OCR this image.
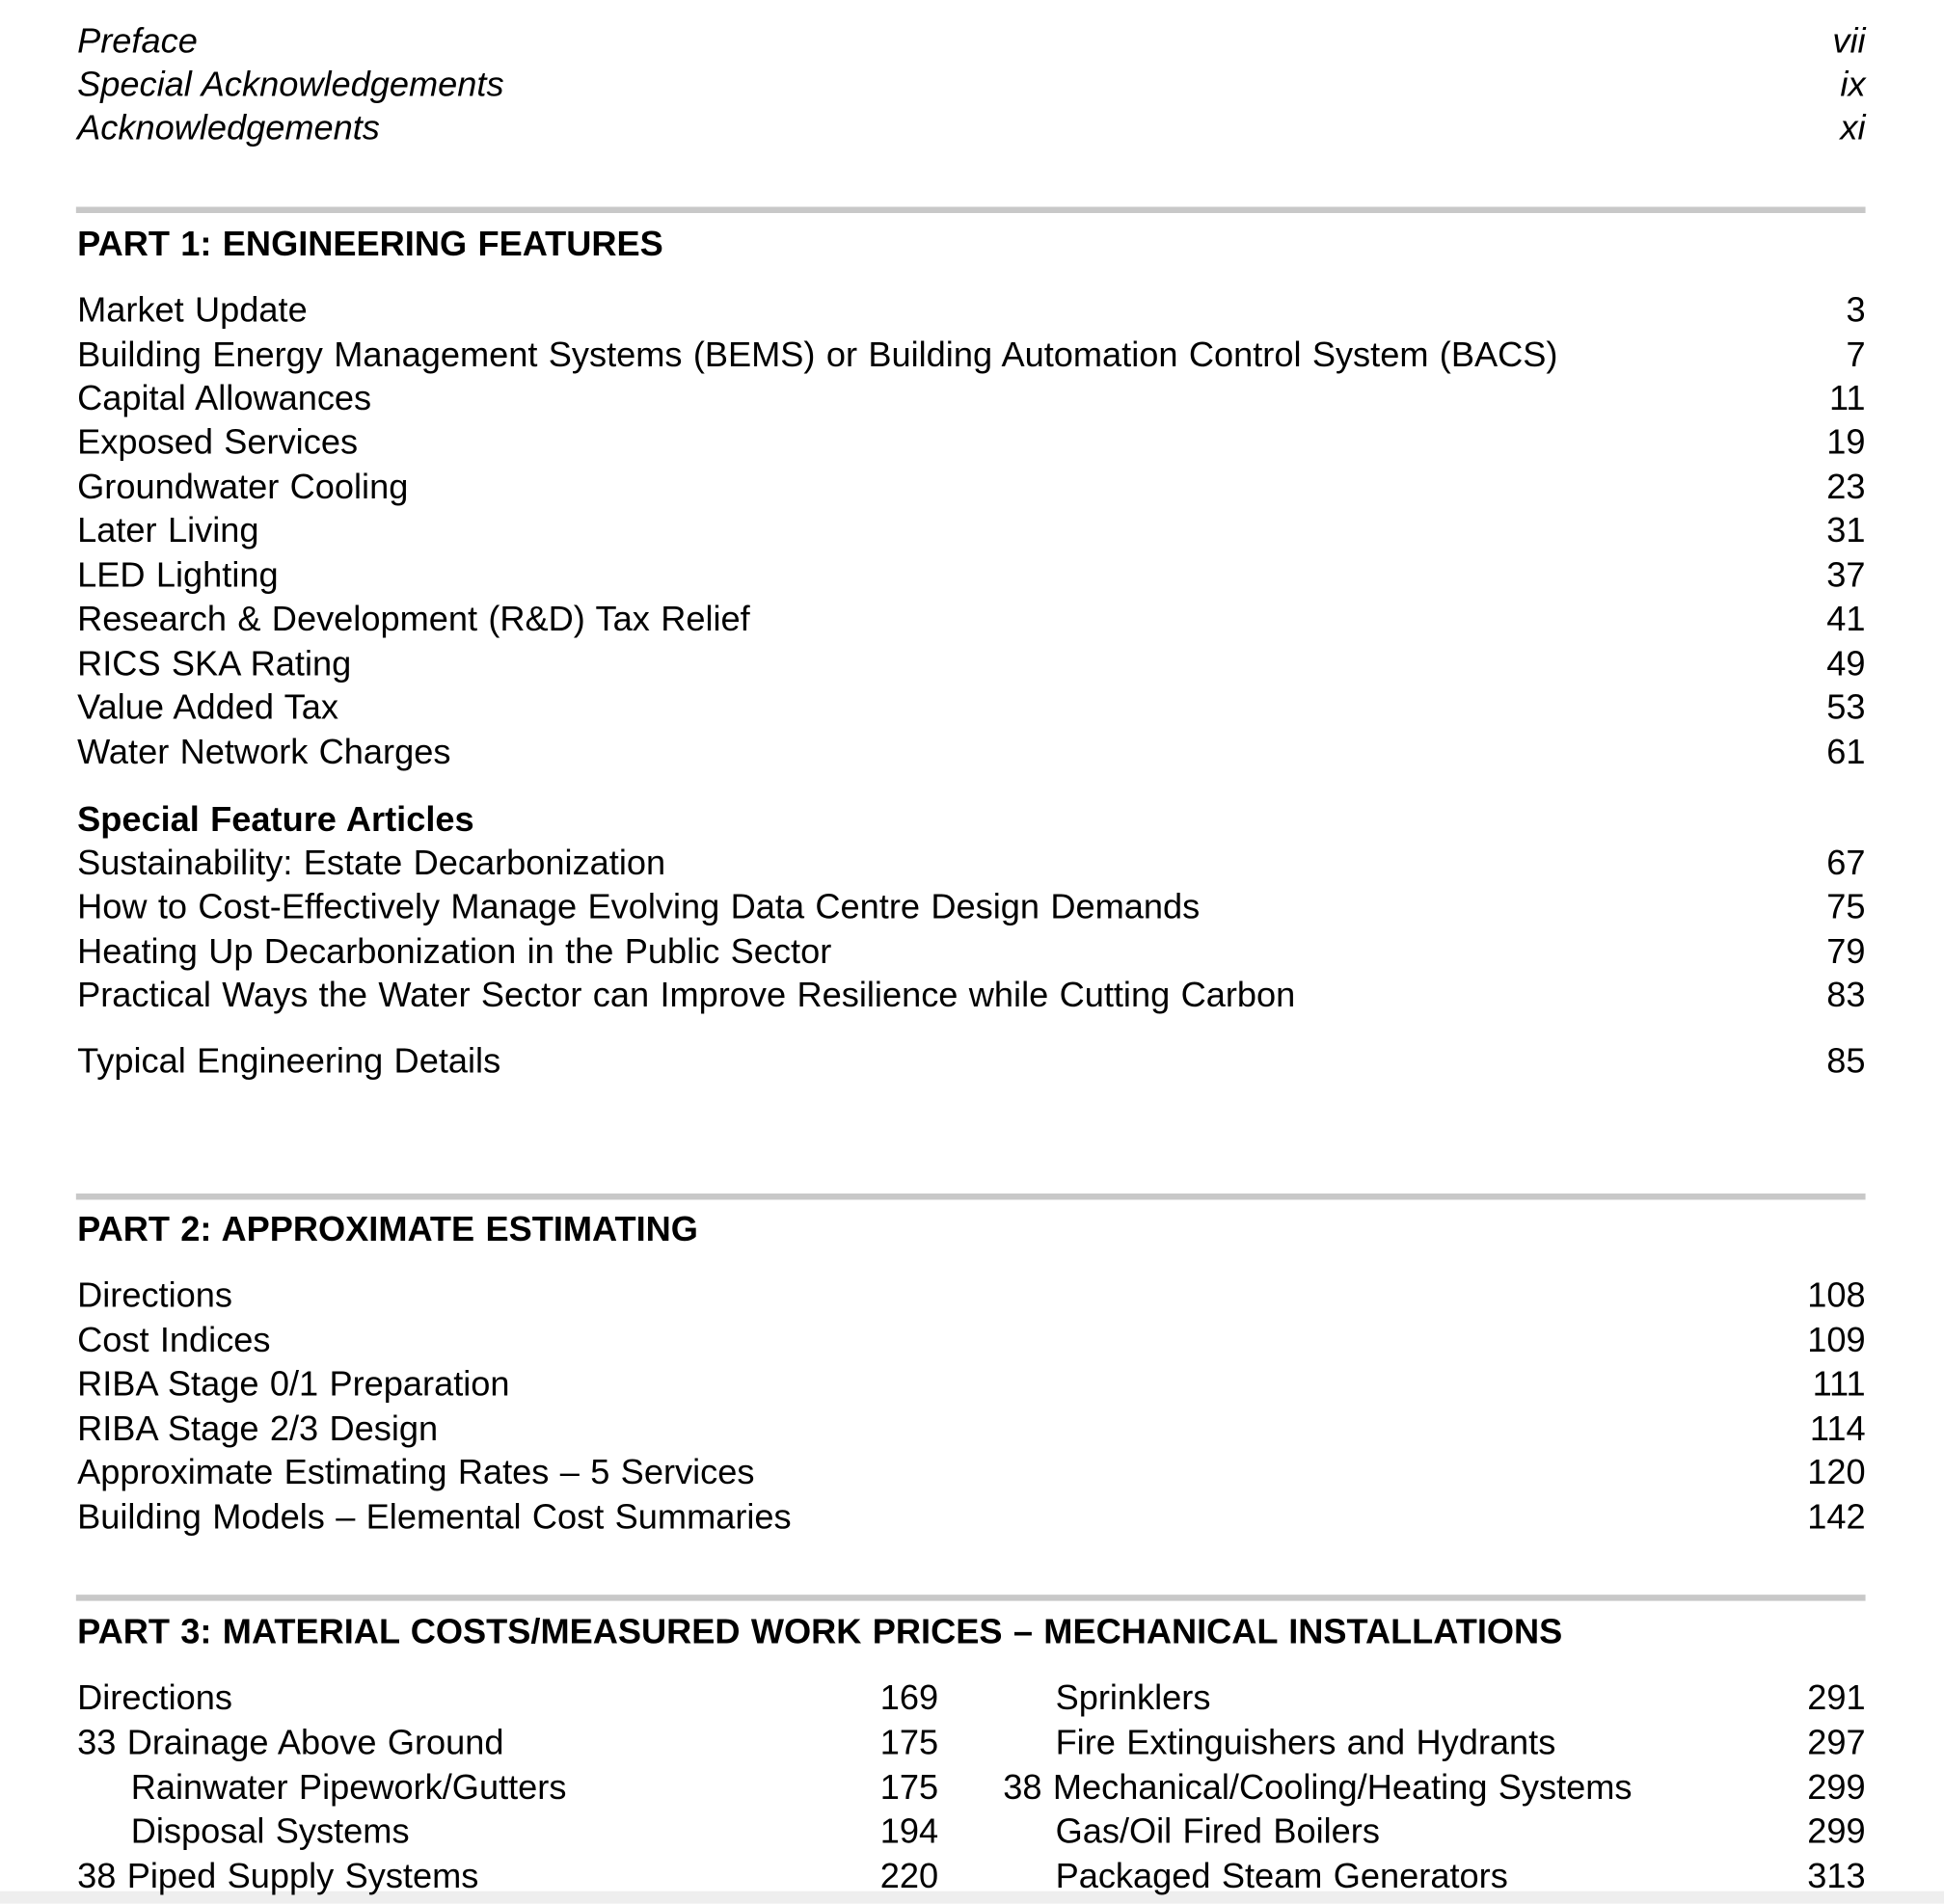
Preface	vii
Special Acknowledgements	ix
Acknowledgements	xi
PART 1: ENGINEERING FEATURES
Market Update	3
Building Energy Management Systems (BEMS) or Building Automation Control System (BACS)	7
Capital Allowances	11
Exposed Services	19
Groundwater Cooling	23
Later Living	31
LED Lighting	37
Research & Development (R&D) Tax Relief	41
RICS SKA Rating	49
Value Added Tax	53
Water Network Charges	61
Special Feature Articles
Sustainability: Estate Decarbonization	67
How to Cost-Effectively Manage Evolving Data Centre Design Demands	75
Heating Up Decarbonization in the Public Sector	79
Practical Ways the Water Sector can Improve Resilience while Cutting Carbon	83
Typical Engineering Details	85
PART 2: APPROXIMATE ESTIMATING
Directions	108
Cost Indices	109
RIBA Stage 0/1 Preparation	111
RIBA Stage 2/3 Design	114
Approximate Estimating Rates – 5 Services	120
Building Models – Elemental Cost Summaries	142
PART 3: MATERIAL COSTS/MEASURED WORK PRICES – MECHANICAL INSTALLATIONS
Directions	169
33 Drainage Above Ground	175
Rainwater Pipework/Gutters	175
Disposal Systems	194
38 Piped Supply Systems	220
Sprinklers	291
Fire Extinguishers and Hydrants	297
38 Mechanical/Cooling/Heating Systems	299
Gas/Oil Fired Boilers	299
Packaged Steam Generators	313
